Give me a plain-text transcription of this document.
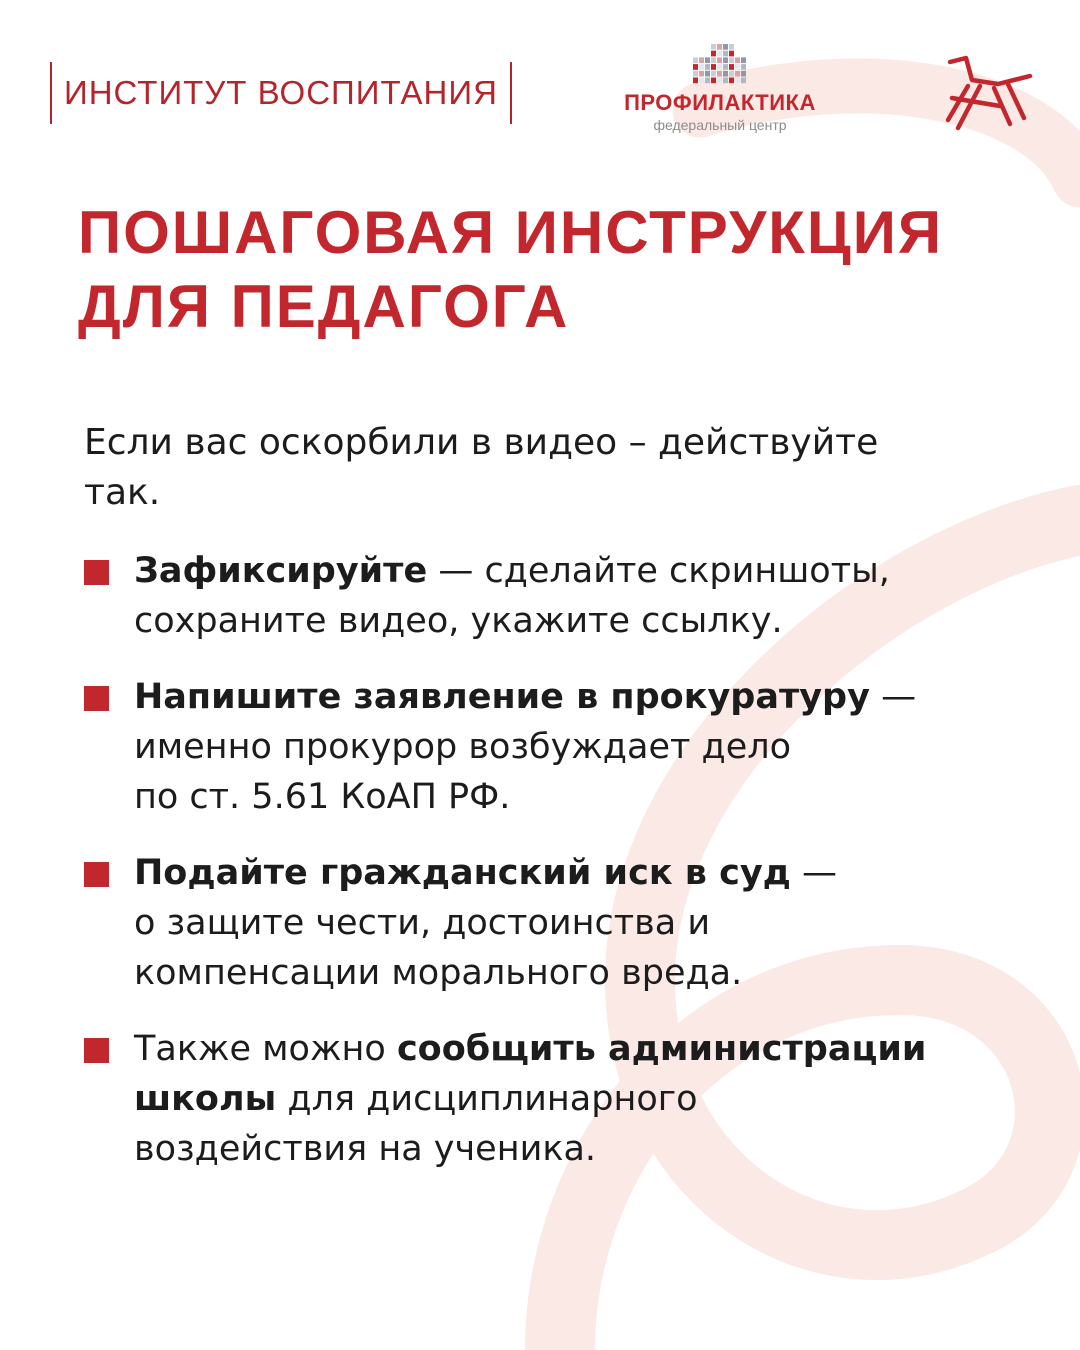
ИНСТИТУТ ВОСПИТАНИЯ	ПРОФИЛАКТИКА
федеральный центр
ПОШАГОВАЯ ИНСТРУКЦИЯ
ДЛЯ ПЕДАГОГА

Если вас оскорбили в видео – действуйте
так.

Зафиксируйте — сделайте скриншоты,
сохраните видео, укажите ссылку.
Напишите заявление в прокуратуру —
именно прокурор возбуждает дело
по ст. 5.61 КоАП РФ.
Подайте гражданский иск в суд —
о защите чести, достоинства и
компенсации морального вреда.
Также можно сообщить администрации
школы для дисциплинарного
воздействия на ученика.
